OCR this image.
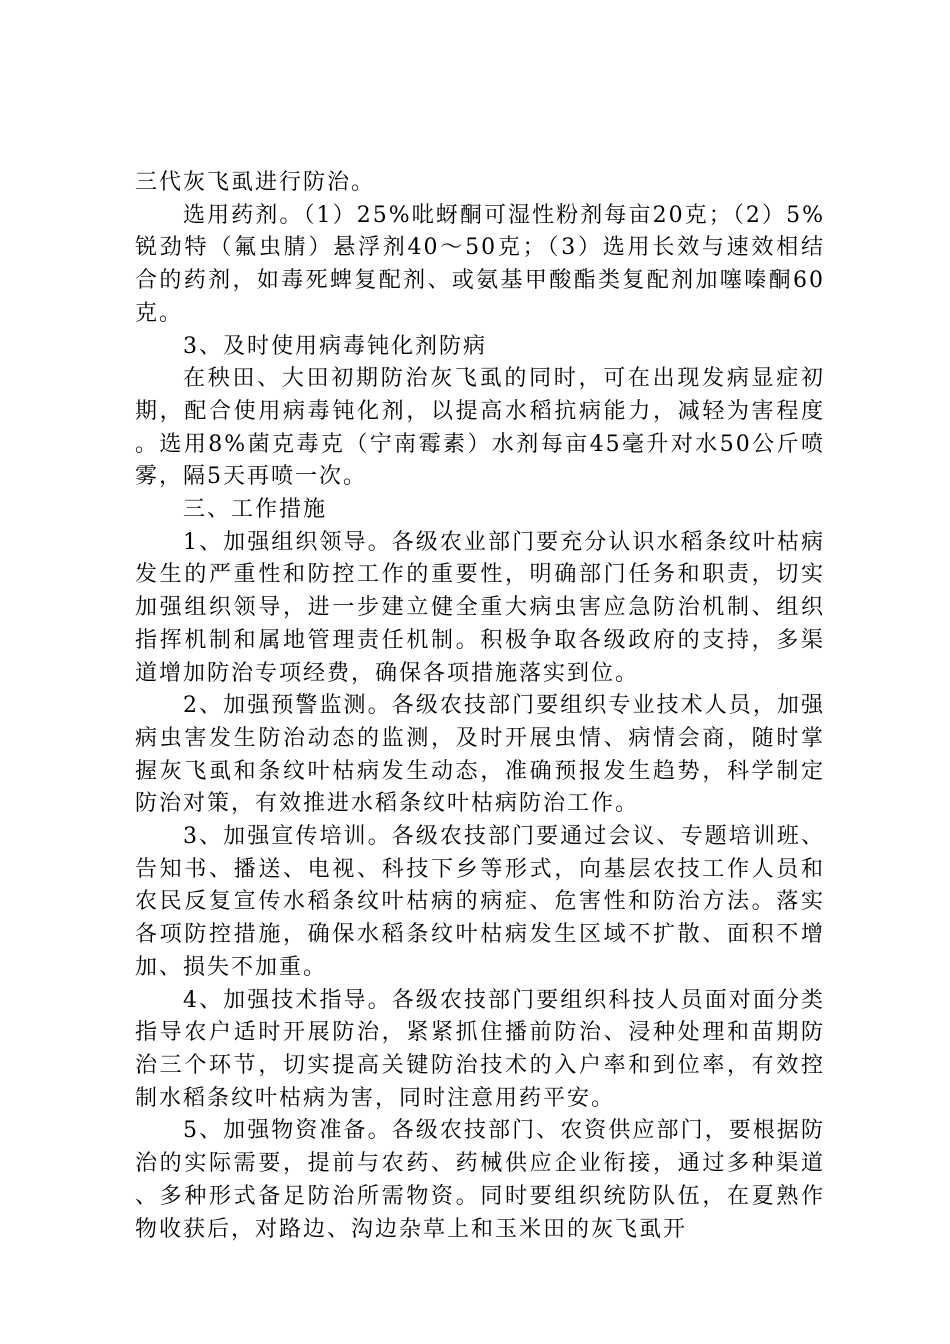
三代灰飞虱进行防治。

选用药剂。（1）25%吡蚜酮可湿性粉剂每亩20克；（2）5%锐劲特（氟虫腈）悬浮剂40～50克；（3）选用长效与速效相结合的药剂，如毒死蜱复配剂、或氨基甲酸酯类复配剂加噻嗪酮60克。

3、及时使用病毒钝化剂防病

在秧田、大田初期防治灰飞虱的同时，可在出现发病显症初期，配合使用病毒钝化剂，以提高水稻抗病能力，减轻为害程度。选用8%菌克毒克（宁南霉素）水剂每亩45毫升对水50公斤喷雾，隔5天再喷一次。

三、工作措施

1、加强组织领导。各级农业部门要充分认识水稻条纹叶枯病发生的严重性和防控工作的重要性，明确部门任务和职责，切实加强组织领导，进一步建立健全重大病虫害应急防治机制、组织指挥机制和属地管理责任机制。积极争取各级政府的支持，多渠道增加防治专项经费，确保各项措施落实到位。

2、加强预警监测。各级农技部门要组织专业技术人员，加强病虫害发生防治动态的监测，及时开展虫情、病情会商，随时掌握灰飞虱和条纹叶枯病发生动态，准确预报发生趋势，科学制定防治对策，有效推进水稻条纹叶枯病防治工作。

3、加强宣传培训。各级农技部门要通过会议、专题培训班、告知书、播送、电视、科技下乡等形式，向基层农技工作人员和农民反复宣传水稻条纹叶枯病的病症、危害性和防治方法。落实各项防控措施，确保水稻条纹叶枯病发生区域不扩散、面积不增加、损失不加重。

4、加强技术指导。各级农技部门要组织科技人员面对面分类指导农户适时开展防治，紧紧抓住播前防治、浸种处理和苗期防治三个环节，切实提高关键防治技术的入户率和到位率，有效控制水稻条纹叶枯病为害，同时注意用药平安。

5、加强物资准备。各级农技部门、农资供应部门，要根据防治的实际需要，提前与农药、药械供应企业衔接，通过多种渠道、多种形式备足防治所需物资。同时要组织统防队伍，在夏熟作物收获后，对路边、沟边杂草上和玉米田的灰飞虱开
